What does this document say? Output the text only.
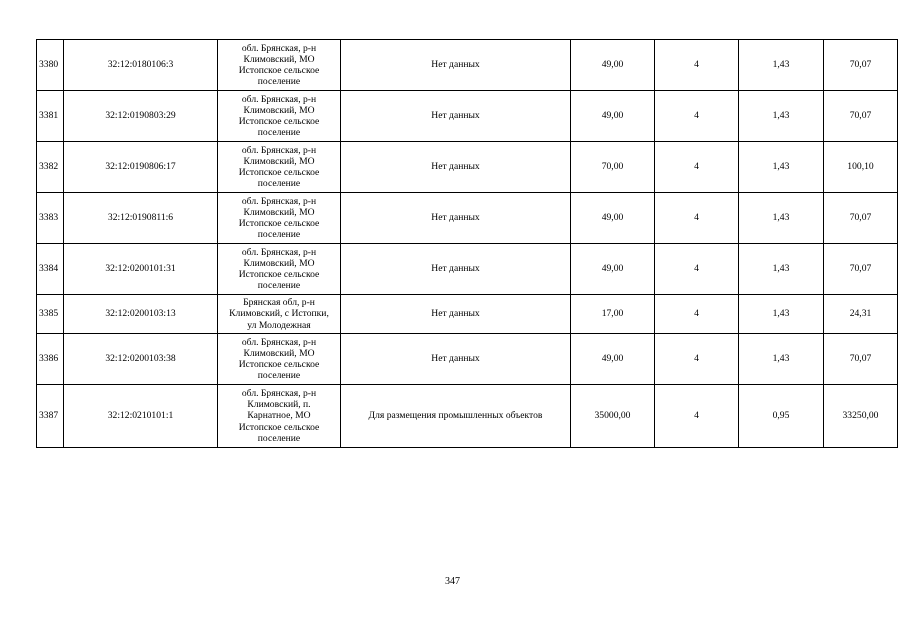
3380	32:12:0180106:3	обл. Брянская, р-н
Климовский, МО
Истопское сельское
поселение	Нет данных	49,00	4	1,43	70,07
3381	32:12:0190803:29	обл. Брянская, р-н
Климовский, МО
Истопское сельское
поселение	Нет данных	49,00	4	1,43	70,07
3382	32:12:0190806:17	обл. Брянская, р-н
Климовский, МО
Истопское сельское
поселение	Нет данных	70,00	4	1,43	100,10
3383	32:12:0190811:6	обл. Брянская, р-н
Климовский, МО
Истопское сельское
поселение	Нет данных	49,00	4	1,43	70,07
3384	32:12:0200101:31	обл. Брянская, р-н
Климовский, МО
Истопское сельское
поселение	Нет данных	49,00	4	1,43	70,07
3385	32:12:0200103:13	Брянская обл, р-н
Климовский, с Истопки,
ул Молодежная	Нет данных	17,00	4	1,43	24,31
3386	32:12:0200103:38	обл. Брянская, р-н
Климовский, МО
Истопское сельское
поселение	Нет данных	49,00	4	1,43	70,07
3387	32:12:0210101:1	обл. Брянская, р-н
Климовский, п.
Карнатное, МО
Истопское сельское
поселение	Для размещения промышленных объектов	35000,00	4	0,95	33250,00
347
